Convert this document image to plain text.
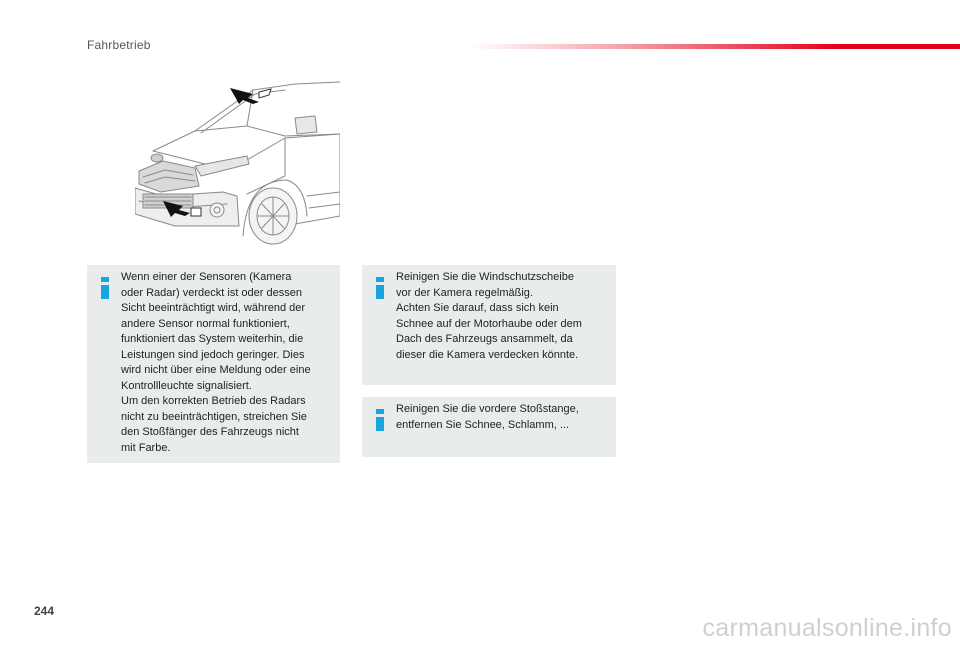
Fahrbetrieb
Wenn einer der Sensoren (Kamera
oder Radar) verdeckt ist oder dessen
Sicht beeinträchtigt wird, während der
andere Sensor normal funktioniert,
funktioniert das System weiterhin, die
Leistungen sind jedoch geringer. Dies
wird nicht über eine Meldung oder eine
Kontrollleuchte signalisiert.
Um den korrekten Betrieb des Radars
nicht zu beeinträchtigen, streichen Sie
den Stoßfänger des Fahrzeugs nicht
mit Farbe.
Reinigen Sie die Windschutzscheibe
vor der Kamera regelmäßig.
Achten Sie darauf, dass sich kein
Schnee auf der Motorhaube oder dem
Dach des Fahrzeugs ansammelt, da
dieser die Kamera verdecken könnte.
Reinigen Sie die vordere Stoßstange,
entfernen Sie Schnee, Schlamm, ...
244
carmanualsonline.info
